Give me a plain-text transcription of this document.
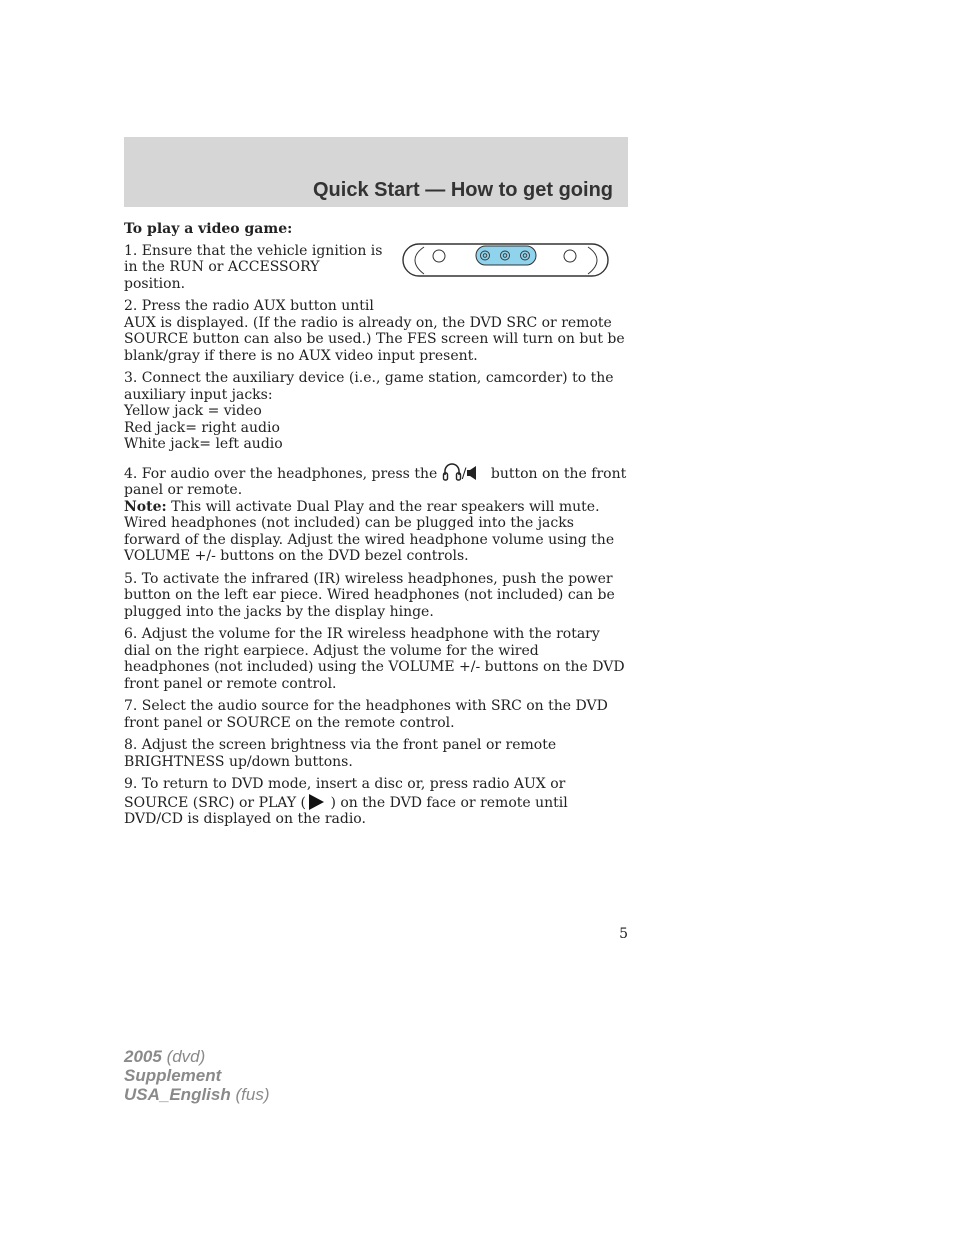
Quick Start — How to get going

To play a video game:

1. Ensure that the vehicle ignition is in the RUN or ACCESSORY position.

2. Press the radio AUX button until
AUX is displayed. (If the radio is already on, the DVD SRC or remote SOURCE button can also be used.) The FES screen will turn on but be blank/gray if there is no AUX video input present.

3. Connect the auxiliary device (i.e., game station, camcorder) to the auxiliary input jacks:
Yellow jack = video
Red jack= right audio
White jack= left audio

4. For audio over the headphones, press the / button on the front panel or remote.
Note: This will activate Dual Play and the rear speakers will mute. Wired headphones (not included) can be plugged into the jacks forward of the display. Adjust the wired headphone volume using the VOLUME +/- buttons on the DVD bezel controls.

5. To activate the infrared (IR) wireless headphones, push the power button on the left ear piece. Wired headphones (not included) can be plugged into the jacks by the display hinge.

6. Adjust the volume for the IR wireless headphone with the rotary dial on the right earpiece. Adjust the volume for the wired headphones (not included) using the VOLUME +/- buttons on the DVD front panel or remote control.

7. Select the audio source for the headphones with SRC on the DVD front panel or SOURCE on the remote control.

8. Adjust the screen brightness via the front panel or remote BRIGHTNESS up/down buttons.

9. To return to DVD mode, insert a disc or, press radio AUX or SOURCE (SRC) or PLAY ( ) on the DVD face or remote until DVD/CD is displayed on the radio.

5
2005 (dvd)
Supplement
USA_English (fus)
